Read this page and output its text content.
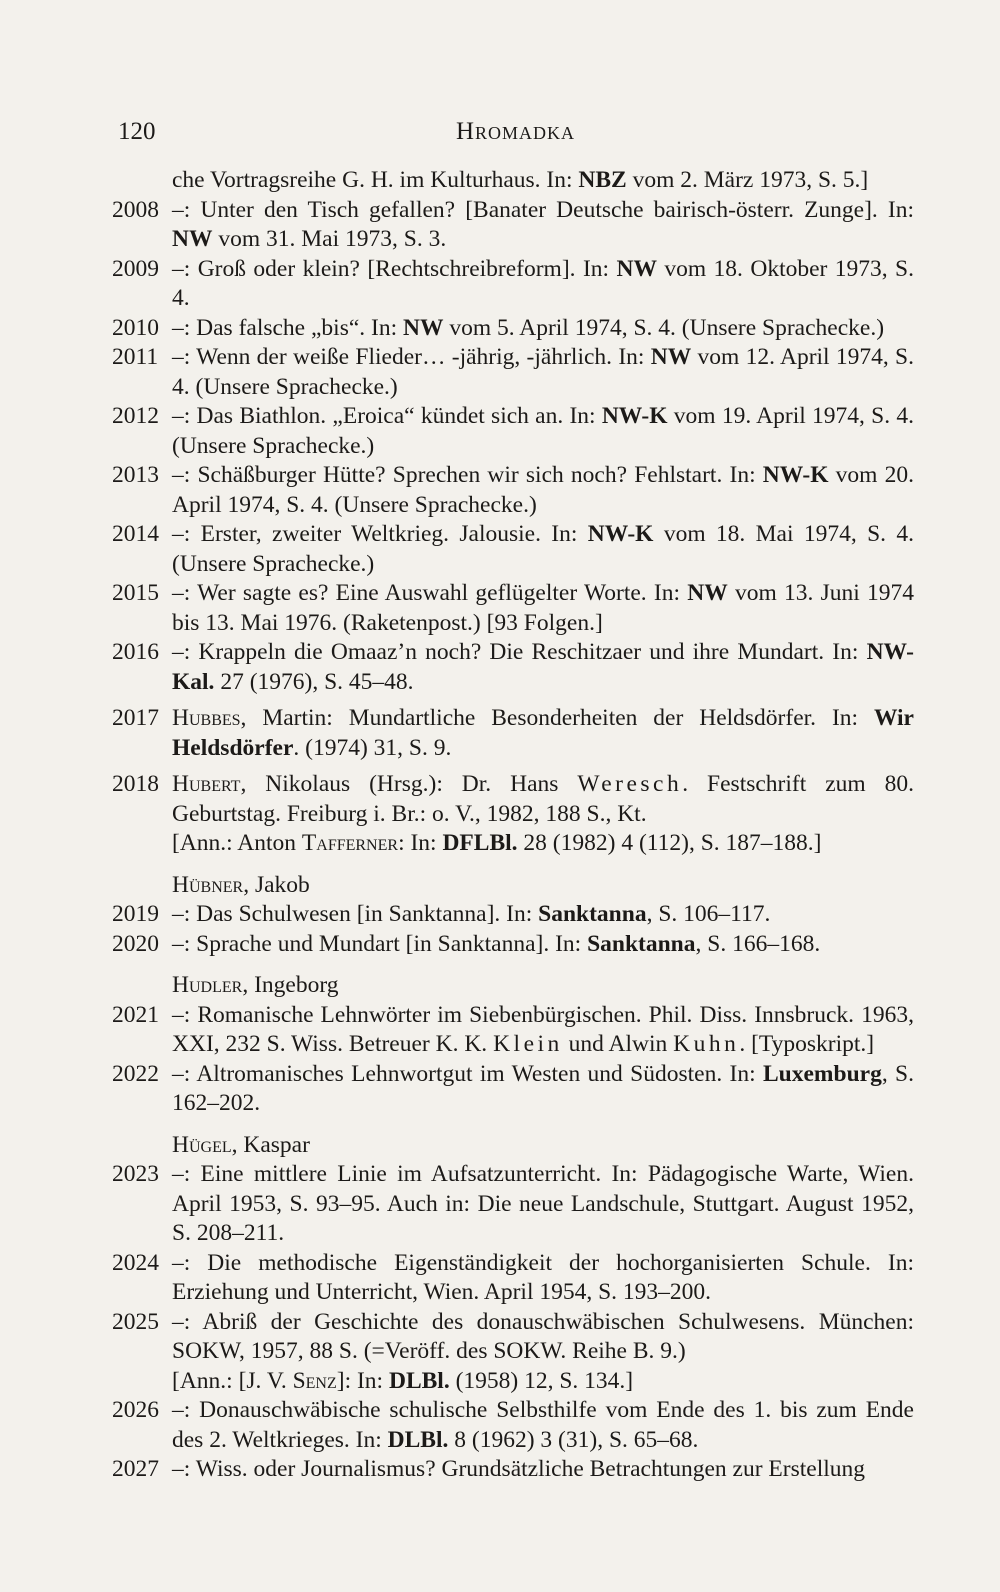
120	Hromadka
che Vortragsreihe G. H. im Kulturhaus. In: NBZ vom 2. März 1973, S. 5.]
2008 –: Unter den Tisch gefallen? [Banater Deutsche bairisch-österr. Zunge]. In: NW vom 31. Mai 1973, S. 3.
2009 –: Groß oder klein? [Rechtschreibreform]. In: NW vom 18. Oktober 1973, S. 4.
2010 –: Das falsche „bis“. In: NW vom 5. April 1974, S. 4. (Unsere Sprachecke.)
2011 –: Wenn der weiße Flieder… -jährig, -jährlich. In: NW vom 12. April 1974, S. 4. (Unsere Sprachecke.)
2012 –: Das Biathlon. „Eroica“ kündet sich an. In: NW-K vom 19. April 1974, S. 4. (Unsere Sprachecke.)
2013 –: Schäßburger Hütte? Sprechen wir sich noch? Fehlstart. In: NW-K vom 20. April 1974, S. 4. (Unsere Sprachecke.)
2014 –: Erster, zweiter Weltkrieg. Jalousie. In: NW-K vom 18. Mai 1974, S. 4. (Unsere Sprachecke.)
2015 –: Wer sagte es? Eine Auswahl geflügelter Worte. In: NW vom 13. Juni 1974 bis 13. Mai 1976. (Raketenpost.) [93 Folgen.]
2016 –: Krappeln die Omaaz’n noch? Die Reschitzaer und ihre Mundart. In: NW-Kal. 27 (1976), S. 45–48.
2017 Hubbes, Martin: Mundartliche Besonderheiten der Heldsdörfer. In: Wir Heldsdörfer. (1974) 31, S. 9.
2018 Hubert, Nikolaus (Hrsg.): Dr. Hans Weresch. Festschrift zum 80. Geburtstag. Freiburg i. Br.: o. V., 1982, 188 S., Kt.
[Ann.: Anton Tafferner: In: DFLBl. 28 (1982) 4 (112), S. 187–188.]
Hübner, Jakob
2019 –: Das Schulwesen [in Sanktanna]. In: Sanktanna, S. 106–117.
2020 –: Sprache und Mundart [in Sanktanna]. In: Sanktanna, S. 166–168.
Hudler, Ingeborg
2021 –: Romanische Lehnwörter im Siebenbürgischen. Phil. Diss. Innsbruck. 1963, XXI, 232 S. Wiss. Betreuer K. K. Klein und Alwin Kuhn. [Typoskript.]
2022 –: Altromanisches Lehnwortgut im Westen und Südosten. In: Luxemburg, S. 162–202.
Hügel, Kaspar
2023 –: Eine mittlere Linie im Aufsatzunterricht. In: Pädagogische Warte, Wien. April 1953, S. 93–95. Auch in: Die neue Landschule, Stuttgart. August 1952, S. 208–211.
2024 –: Die methodische Eigenständigkeit der hochorganisierten Schule. In: Erziehung und Unterricht, Wien. April 1954, S. 193–200.
2025 –: Abriß der Geschichte des donauschwäbischen Schulwesens. München: SOKW, 1957, 88 S. (=Veröff. des SOKW. Reihe B. 9.)
[Ann.: [J. V. Senz]: In: DLBl. (1958) 12, S. 134.]
2026 –: Donauschwäbische schulische Selbsthilfe vom Ende des 1. bis zum Ende des 2. Weltkrieges. In: DLBl. 8 (1962) 3 (31), S. 65–68.
2027 –: Wiss. oder Journalismus? Grundsätzliche Betrachtungen zur Erstellung
